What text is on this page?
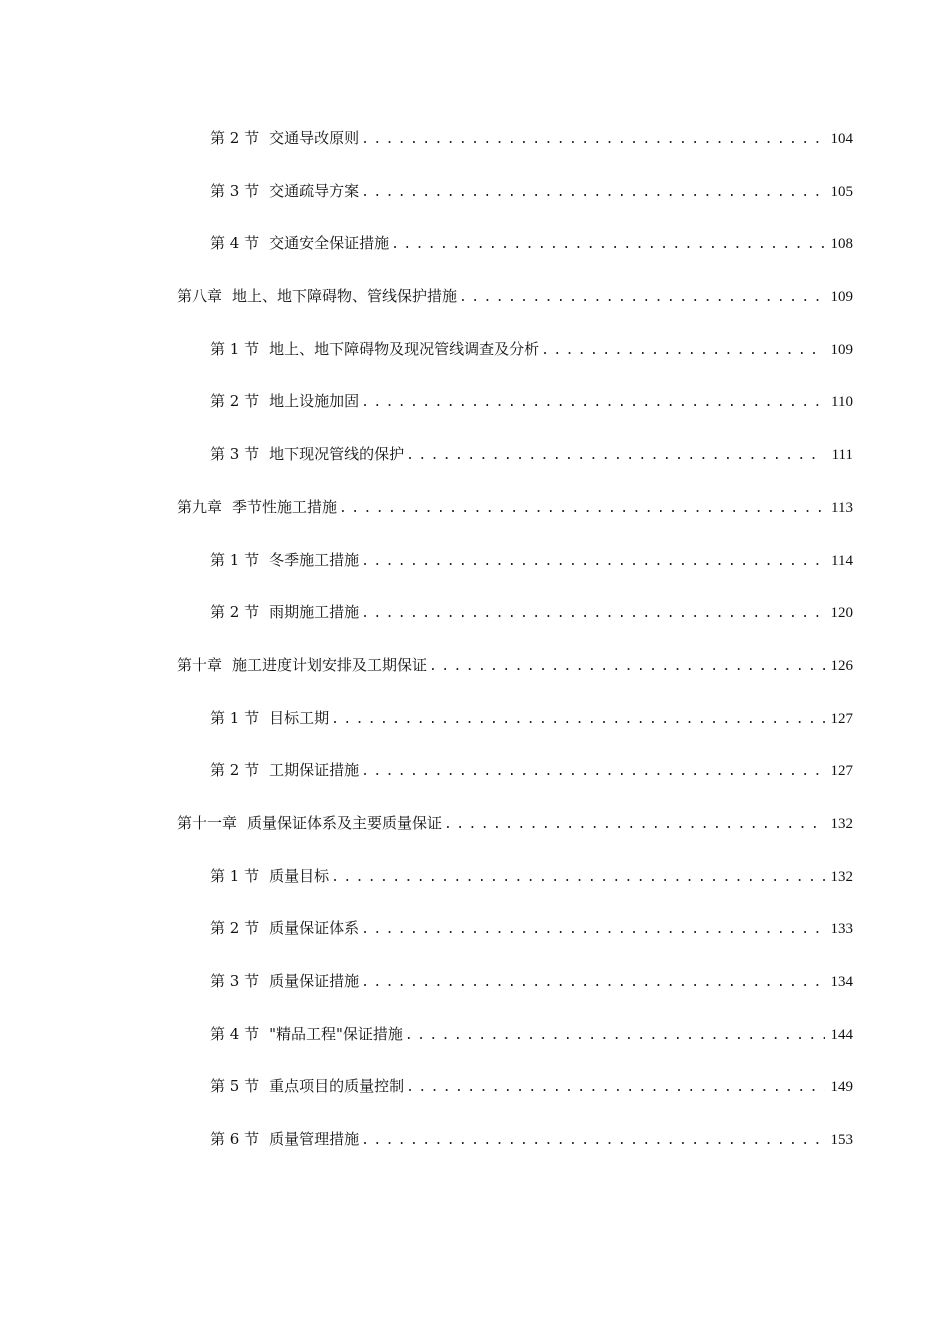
第 2 节 交通导改原则 .....	104
第 3 节 交通疏导方案 .....	105
第 4 节 交通安全保证措施 .....	108
第八章 地上、地下障碍物、管线保护措施 .....	109
第 1 节 地上、地下障碍物及现况管线调查及分析 .....	109
第 2 节 地上设施加固 .....	110
第 3 节 地下现况管线的保护 .....	111
第九章 季节性施工措施 .....	113
第 1 节 冬季施工措施 .....	114
第 2 节 雨期施工措施 .....	120
第十章 施工进度计划安排及工期保证 .....	126
第 1 节 目标工期 .....	127
第 2 节 工期保证措施 .....	127
第十一章 质量保证体系及主要质量保证 .....	132
第 1 节 质量目标 .....	132
第 2 节 质量保证体系 .....	133
第 3 节 质量保证措施 .....	134
第 4 节 "精品工程"保证措施 .....	144
第 5 节 重点项目的质量控制 .....	149
第 6 节 质量管理措施 .....	153
